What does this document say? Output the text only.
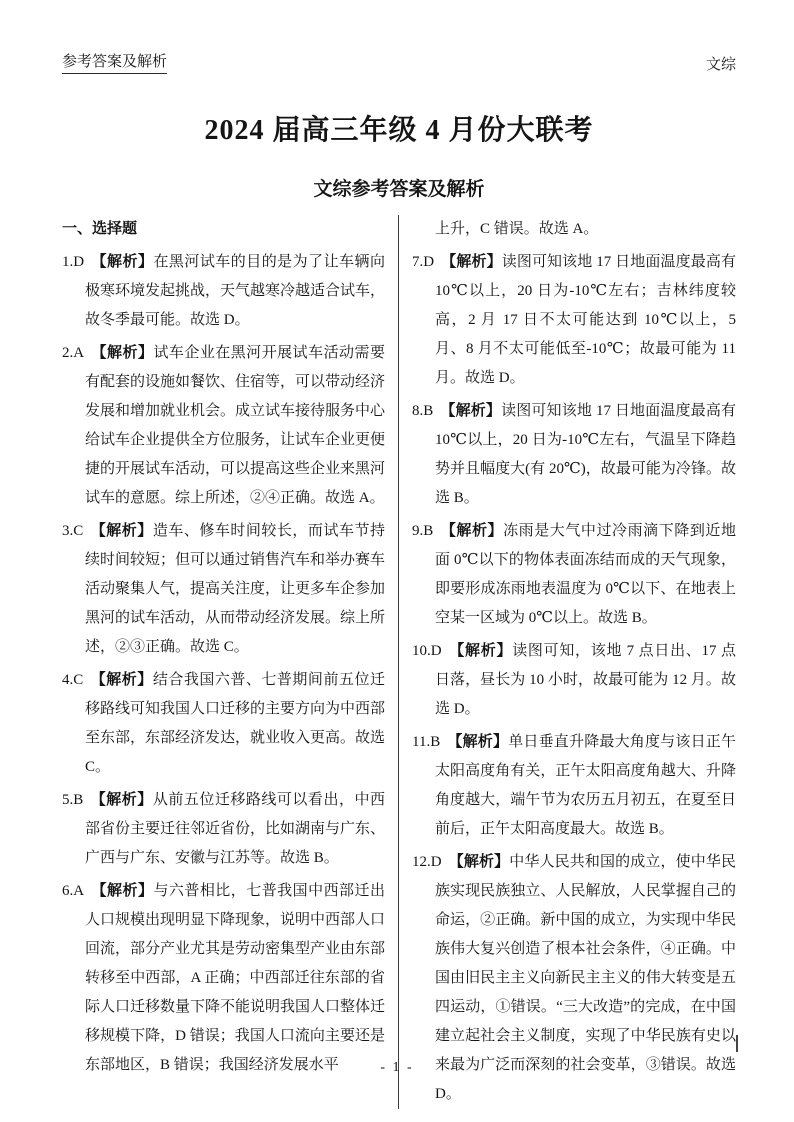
参考答案及解析	文综
2024 届高三年级 4 月份大联考
文综参考答案及解析
一、选择题
1.D 【解析】在黑河试车的目的是为了让车辆向极寒环境发起挑战，天气越寒冷越适合试车，故冬季最可能。故选 D。
2.A 【解析】试车企业在黑河开展试车活动需要有配套的设施如餐饮、住宿等，可以带动经济发展和增加就业机会。成立试车接待服务中心给试车企业提供全方位服务，让试车企业更便捷的开展试车活动，可以提高这些企业来黑河试车的意愿。综上所述，②④正确。故选 A。
3.C 【解析】造车、修车时间较长，而试车节持续时间较短；但可以通过销售汽车和举办赛车活动聚集人气，提高关注度，让更多车企参加黑河的试车活动，从而带动经济发展。综上所述，②③正确。故选 C。
4.C 【解析】结合我国六普、七普期间前五位迁移路线可知我国人口迁移的主要方向为中西部至东部，东部经济发达，就业收入更高。故选 C。
5.B 【解析】从前五位迁移路线可以看出，中西部省份主要迁往邻近省份，比如湖南与广东、广西与广东、安徽与江苏等。故选 B。
6.A 【解析】与六普相比，七普我国中西部迁出人口规模出现明显下降现象，说明中西部人口回流，部分产业尤其是劳动密集型产业由东部转移至中西部，A 正确；中西部迁往东部的省际人口迁移数量下降不能说明我国人口整体迁移规模下降，D 错误；我国人口流向主要还是东部地区，B 错误；我国经济发展水平
上升，C 错误。故选 A。
7.D 【解析】读图可知该地 17 日地面温度最高有 10℃以上，20 日为-10℃左右；吉林纬度较高，2 月 17 日不太可能达到 10℃以上，5 月、8 月不太可能低至-10℃；故最可能为 11 月。故选 D。
8.B 【解析】读图可知该地 17 日地面温度最高有 10℃以上，20 日为-10℃左右，气温呈下降趋势并且幅度大(有 20℃)，故最可能为冷锋。故选 B。
9.B 【解析】冻雨是大气中过冷雨滴下降到近地面 0℃以下的物体表面冻结而成的天气现象，即要形成冻雨地表温度为 0℃以下、在地表上空某一区域为 0℃以上。故选 B。
10.D 【解析】读图可知，该地 7 点日出、17 点日落，昼长为 10 小时，故最可能为 12 月。故选 D。
11.B 【解析】单日垂直升降最大角度与该日正午太阳高度角有关，正午太阳高度角越大、升降角度越大，端午节为农历五月初五，在夏至日前后，正午太阳高度最大。故选 B。
12.D 【解析】中华人民共和国的成立，使中华民族实现民族独立、人民解放，人民掌握自己的命运，②正确。新中国的成立，为实现中华民族伟大复兴创造了根本社会条件，④正确。中国由旧民主主义向新民主主义的伟大转变是五四运动，①错误。“三大改造”的完成，在中国建立起社会主义制度，实现了中华民族有史以来最为广泛而深刻的社会变革，③错误。故选 D。
- 1 -
